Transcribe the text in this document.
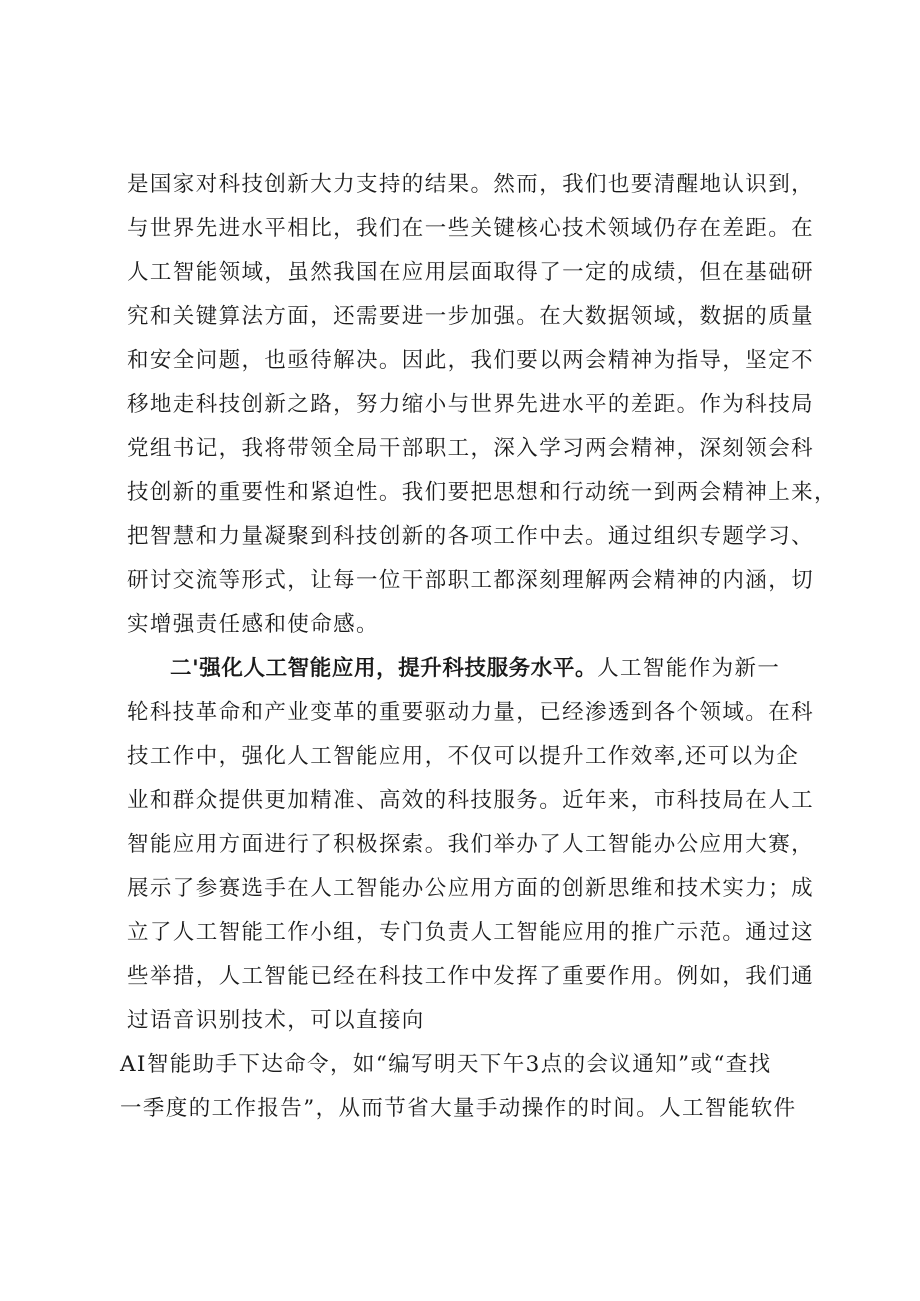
是国家对科技创新大力支持的结果。然而，我们也要清醒地认识到，
与世界先进水平相比，我们在一些关键核心技术领域仍存在差距。在
人工智能领域，虽然我国在应用层面取得了一定的成绩，但在基础研
究和关键算法方面，还需要进一步加强。在大数据领域，数据的质量
和安全问题，也亟待解决。因此，我们要以两会精神为指导，坚定不
移地走科技创新之路，努力缩小与世界先进水平的差距。作为科技局
党组书记，我将带领全局干部职工，深入学习两会精神，深刻领会科
技创新的重要性和紧迫性。我们要把思想和行动统一到两会精神上来，
把智慧和力量凝聚到科技创新的各项工作中去。通过组织专题学习、
研讨交流等形式，让每一位干部职工都深刻理解两会精神的内涵，切
实增强责任感和使命感。
二'强化人工智能应用，提升科技服务水平。人工智能作为新一
轮科技革命和产业变革的重要驱动力量，已经渗透到各个领域。在科
技工作中，强化人工智能应用，不仅可以提升工作效率,还可以为企
业和群众提供更加精准、高效的科技服务。近年来，市科技局在人工
智能应用方面进行了积极探索。我们举办了人工智能办公应用大赛，
展示了参赛选手在人工智能办公应用方面的创新思维和技术实力；成
立了人工智能工作小组，专门负责人工智能应用的推广示范。通过这
些举措，人工智能已经在科技工作中发挥了重要作用。例如，我们通
过语音识别技术，可以直接向
AI智能助手下达命令，如“编写明天下午3点的会议通知”或“查找
一季度的工作报告”，从而节省大量手动操作的时间。人工智能软件
